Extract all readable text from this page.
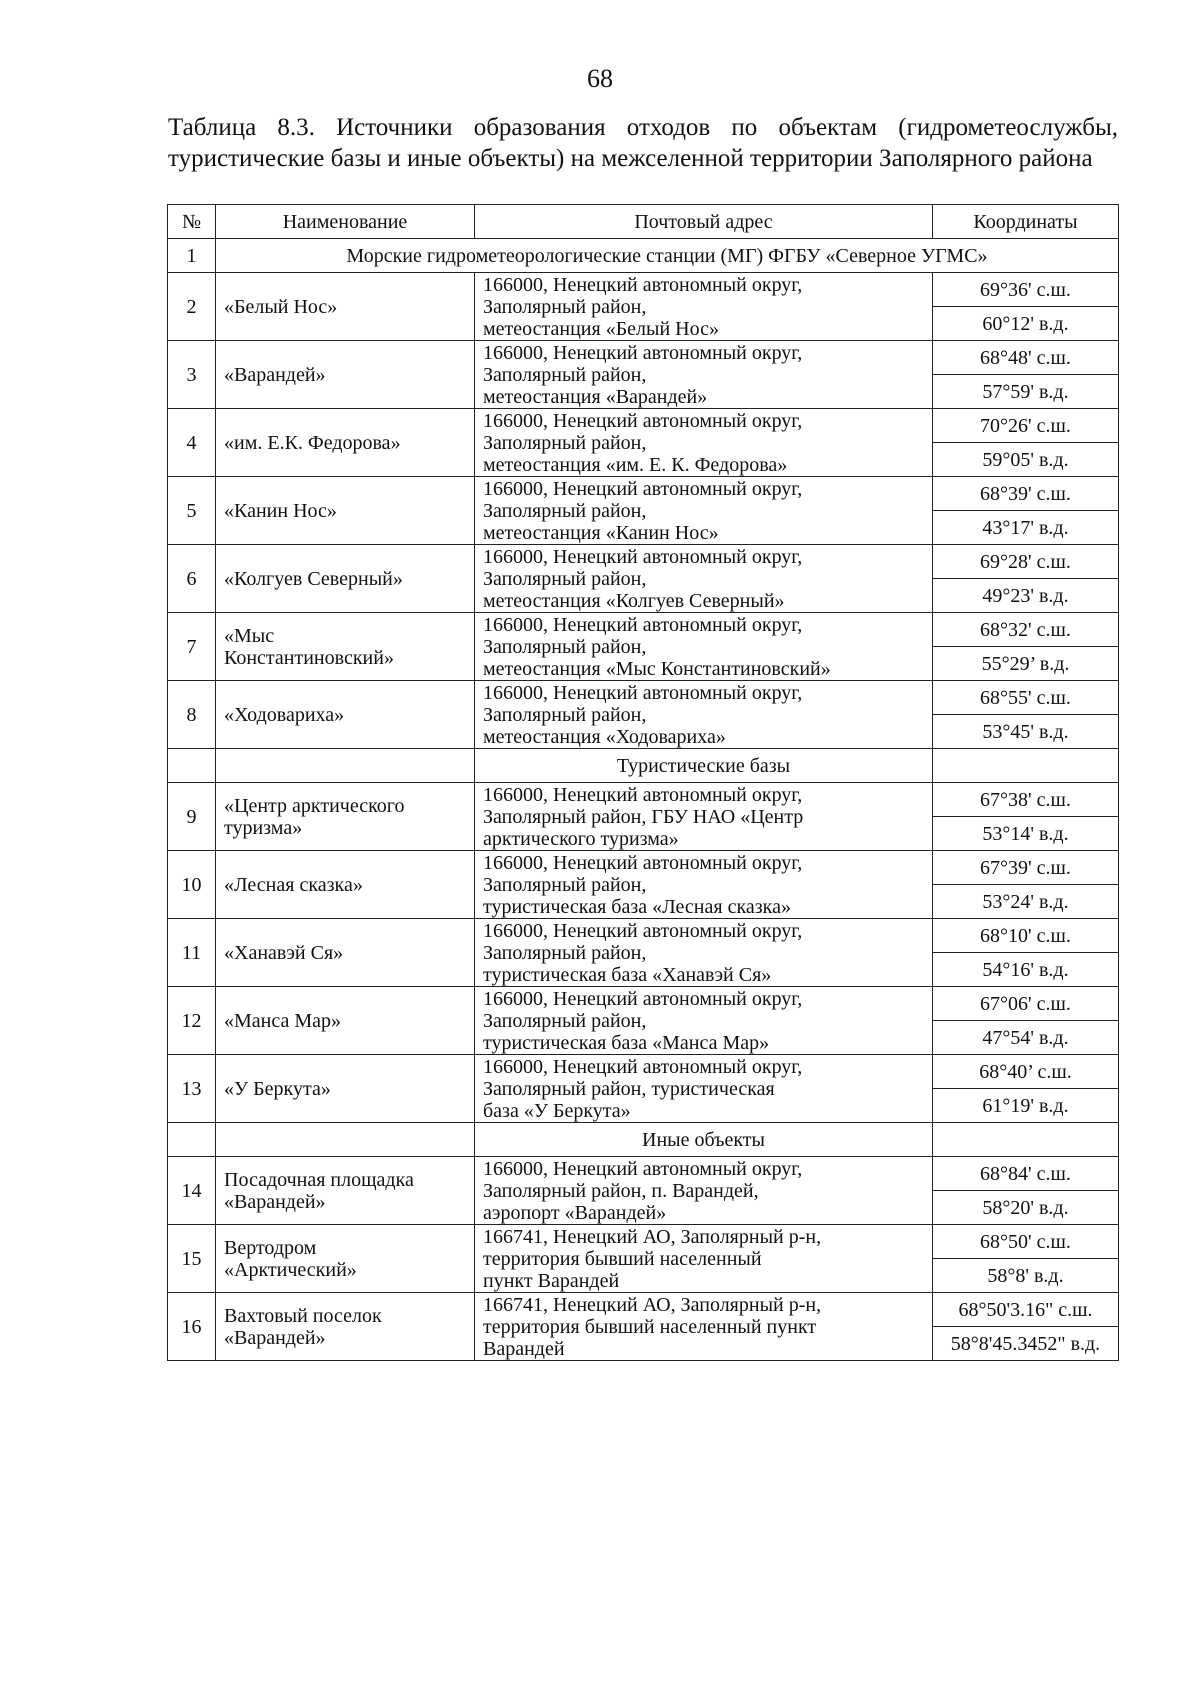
68
Таблица 8.3. Источники образования отходов по объектам (гидрометеослужбы, туристические базы и иные объекты) на межселенной территории Заполярного района
№	Наименование	Почтовый адрес	Координаты
1	Морские гидрометеорологические станции (МГ) ФГБУ «Северное УГМС»		
2	«Белый Нос»	166000, Ненецкий автономный округ,
Заполярный район,
метеостанция «Белый Нос»	69°36' с.ш.
			60°12' в.д.
3	«Варандей»	166000, Ненецкий автономный округ,
Заполярный район,
метеостанция «Варандей»	68°48' с.ш.
			57°59' в.д.
4	«им. Е.К. Федорова»	166000, Ненецкий автономный округ,
Заполярный район,
метеостанция «им. Е. К. Федорова»	70°26' с.ш.
			59°05' в.д.
5	«Канин Нос»	166000, Ненецкий автономный округ,
Заполярный район,
метеостанция «Канин Нос»	68°39' с.ш.
			43°17' в.д.
6	«Колгуев Северный»	166000, Ненецкий автономный округ,
Заполярный район,
метеостанция «Колгуев Северный»	69°28' с.ш.
			49°23' в.д.
7	«Мыс
Константиновский»	166000, Ненецкий автономный округ,
Заполярный район,
метеостанция «Мыс Константиновский»	68°32' с.ш.
			55°29’ в.д.
8	«Ходовариха»	166000, Ненецкий автономный округ,
Заполярный район,
метеостанция «Ходовариха»	68°55' с.ш.
			53°45' в.д.
		Туристические базы	
9	«Центр арктического
туризма»	166000, Ненецкий автономный округ,
Заполярный район, ГБУ НАО «Центр
арктического туризма»	67°38' с.ш.
			53°14' в.д.
10	«Лесная сказка»	166000, Ненецкий автономный округ,
Заполярный район,
туристическая база «Лесная сказка»	67°39' с.ш.
			53°24' в.д.
11	«Ханавэй Ся»	166000, Ненецкий автономный округ,
Заполярный район,
туристическая база «Ханавэй Ся»	68°10' с.ш.
			54°16' в.д.
12	«Манса Мар»	166000, Ненецкий автономный округ,
Заполярный район,
туристическая база «Манса Мар»	67°06' с.ш.
			47°54' в.д.
13	«У Беркута»	166000, Ненецкий автономный округ,
Заполярный район, туристическая
база «У Беркута»	68°40’ с.ш.
			61°19' в.д.
		Иные объекты	
14	Посадочная площадка
«Варандей»	166000, Ненецкий автономный округ,
Заполярный район, п. Варандей,
аэропорт «Варандей»	68°84' с.ш.
			58°20' в.д.
15	Вертодром
«Арктический»	166741, Ненецкий АО, Заполярный р-н,
территория бывший населенный
пункт Варандей	68°50' с.ш.
			58°8' в.д.
16	Вахтовый поселок
«Варандей»	166741, Ненецкий АО, Заполярный р-н,
территория бывший населенный пункт
Варандей	68°50'3.16" с.ш.
			58°8'45.3452" в.д.
